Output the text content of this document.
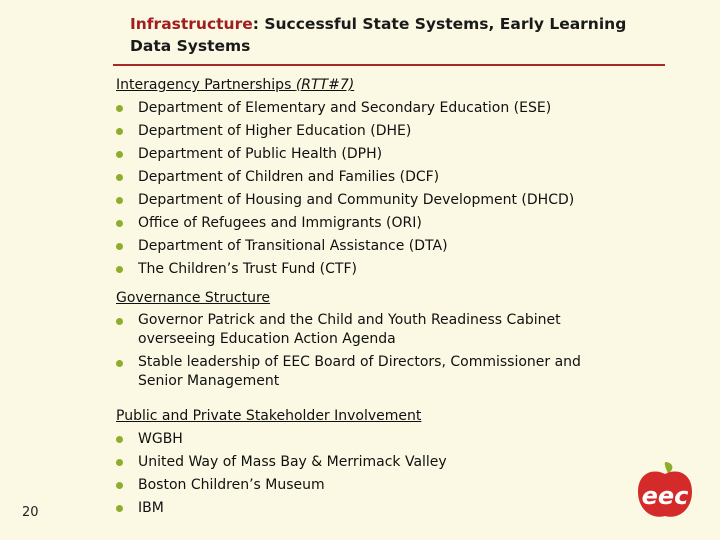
Infrastructure: Successful State Systems, Early Learning
Data Systems
Interagency Partnerships (RTT#7)
Department of Elementary and Secondary Education (ESE)
Department of Higher Education (DHE)
Department of Public Health (DPH)
Department of Children and Families (DCF)
Department of Housing and Community Development (DHCD)
Office of Refugees and Immigrants (ORI)
Department of Transitional Assistance (DTA)
The Children’s Trust Fund (CTF)
Governance Structure
Governor Patrick and the Child and Youth Readiness Cabinet
overseeing Education Action Agenda
Stable leadership of EEC Board of Directors, Commissioner and
Senior Management
Public and Private Stakeholder Involvement
WGBH
United Way of Mass Bay & Merrimack Valley
Boston Children’s Museum
IBM
20
eec
